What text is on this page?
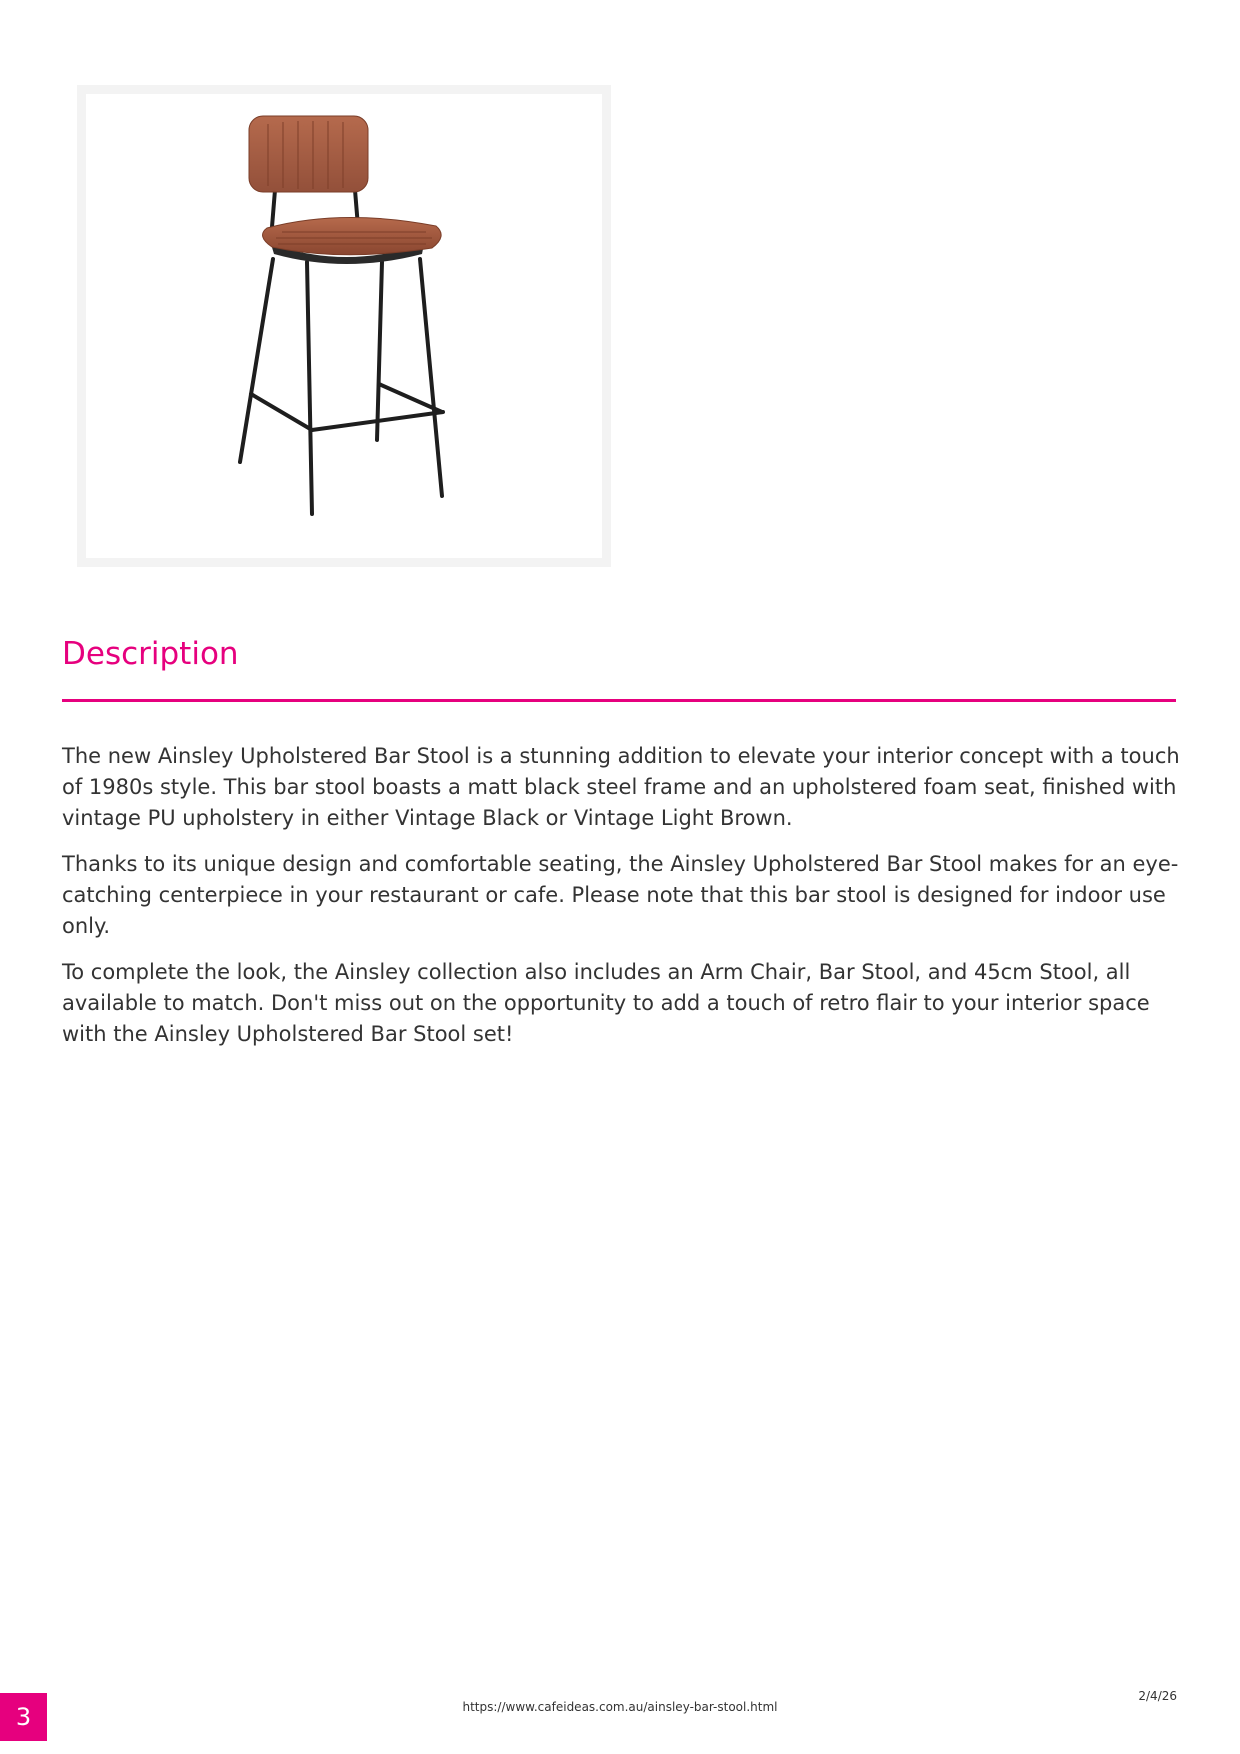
Description

The new Ainsley Upholstered Bar Stool is a stunning addition to elevate your interior concept with a touch of 1980s style. This bar stool boasts a matt black steel frame and an upholstered foam seat, finished with vintage PU upholstery in either Vintage Black or Vintage Light Brown.

Thanks to its unique design and comfortable seating, the Ainsley Upholstered Bar Stool makes for an eye-catching centerpiece in your restaurant or cafe. Please note that this bar stool is designed for indoor use only.

To complete the look, the Ainsley collection also includes an Arm Chair, Bar Stool, and 45cm Stool, all available to match. Don't miss out on the opportunity to add a touch of retro flair to your interior space with the Ainsley Upholstered Bar Stool set!

3	https://www.cafeideas.com.au/ainsley-bar-stool.html
2/4/26
